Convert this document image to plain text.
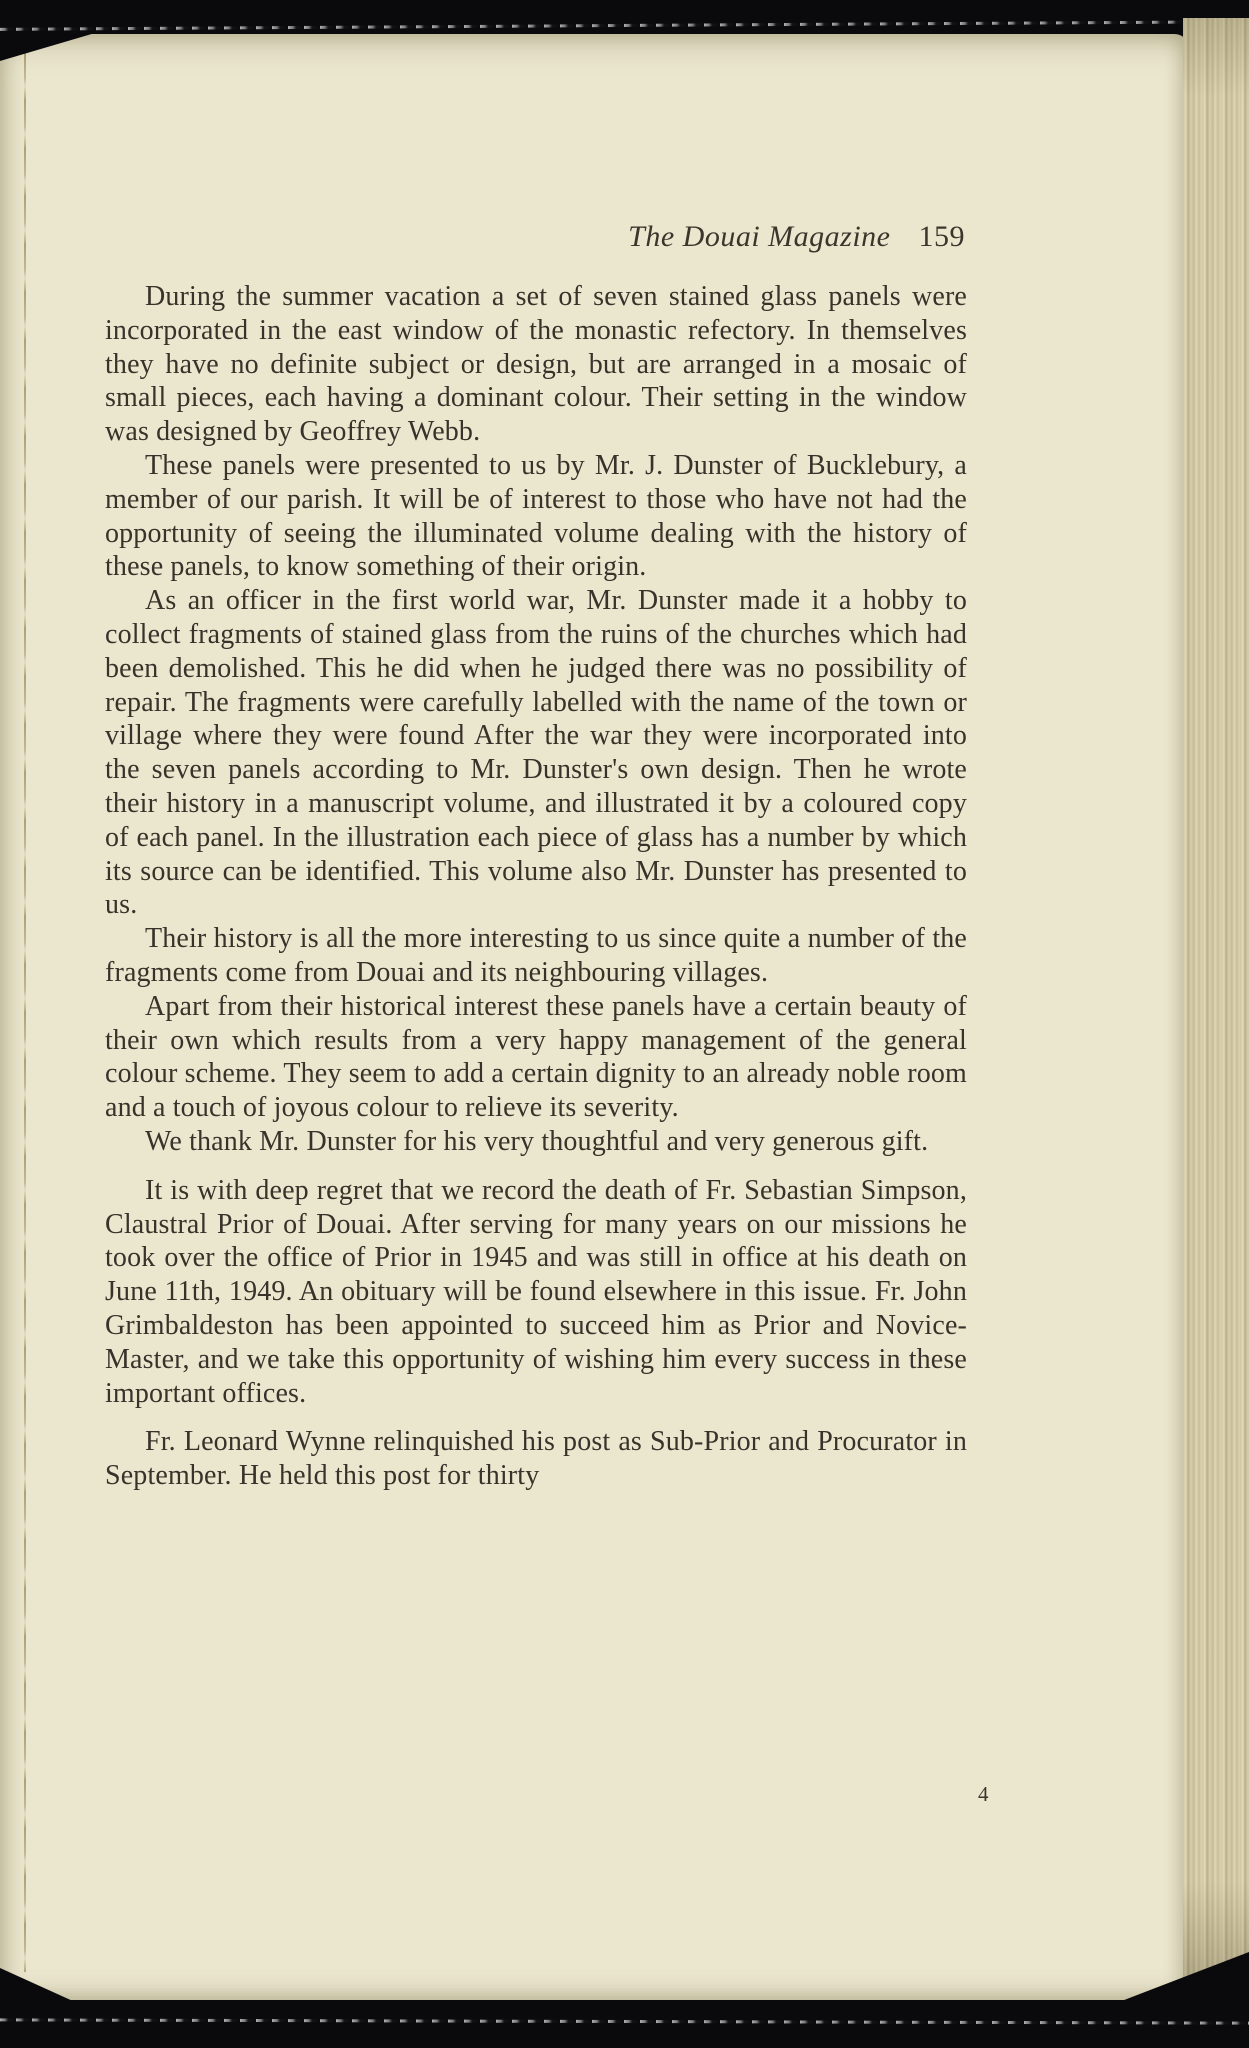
The Douai Magazine 159

During the summer vacation a set of seven stained glass panels were incorporated in the east window of the monastic refectory. In themselves they have no definite subject or design, but are arranged in a mosaic of small pieces, each having a dominant colour. Their setting in the window was designed by Geoffrey Webb.

These panels were presented to us by Mr. J. Dunster of Bucklebury, a member of our parish. It will be of interest to those who have not had the opportunity of seeing the illuminated volume dealing with the history of these panels, to know something of their origin.

As an officer in the first world war, Mr. Dunster made it a hobby to collect fragments of stained glass from the ruins of the churches which had been demolished. This he did when he judged there was no possibility of repair. The fragments were carefully labelled with the name of the town or village where they were found After the war they were incorporated into the seven panels according to Mr. Dunster's own design. Then he wrote their history in a manuscript volume, and illustrated it by a coloured copy of each panel. In the illustration each piece of glass has a number by which its source can be identified. This volume also Mr. Dunster has presented to us.

Their history is all the more interesting to us since quite a number of the fragments come from Douai and its neighbouring villages.

Apart from their historical interest these panels have a certain beauty of their own which results from a very happy management of the general colour scheme. They seem to add a certain dignity to an already noble room and a touch of joyous colour to relieve its severity.

We thank Mr. Dunster for his very thoughtful and very generous gift.

It is with deep regret that we record the death of Fr. Sebastian Simpson, Claustral Prior of Douai. After serving for many years on our missions he took over the office of Prior in 1945 and was still in office at his death on June 11th, 1949. An obituary will be found elsewhere in this issue. Fr. John Grimbaldeston has been appointed to succeed him as Prior and Novice-Master, and we take this opportunity of wishing him every success in these important offices.

Fr. Leonard Wynne relinquished his post as Sub-Prior and Procurator in September. He held this post for thirty

4
